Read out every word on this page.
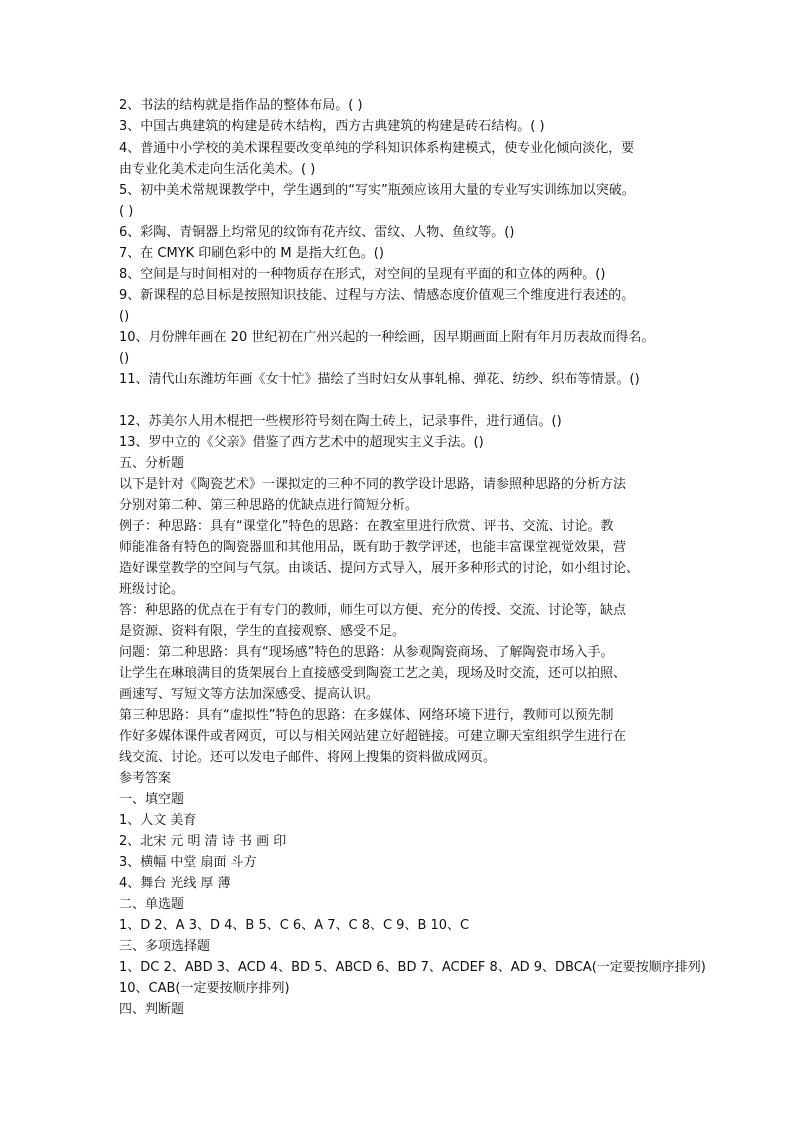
2、书法的结构就是指作品的整体布局。( )
3、中国古典建筑的构建是砖木结构，西方古典建筑的构建是砖石结构。( )
4、普通中小学校的美术课程要改变单纯的学科知识体系构建模式，使专业化倾向淡化，要
由专业化美术走向生活化美术。( )
5、初中美术常规课教学中，学生遇到的“写实”瓶颈应该用大量的专业写实训练加以突破。
( )
6、彩陶、青铜器上均常见的纹饰有花卉纹、雷纹、人物、鱼纹等。()
7、在 CMYK 印刷色彩中的 M 是指大红色。()
8、空间是与时间相对的一种物质存在形式，对空间的呈现有平面的和立体的两种。()
9、新课程的总目标是按照知识技能、过程与方法、情感态度价值观三个维度进行表述的。
()
10、月份牌年画在 20 世纪初在广州兴起的一种绘画，因早期画面上附有年月历表故而得名。
()
11、清代山东潍坊年画《女十忙》描绘了当时妇女从事轧棉、弹花、纺纱、织布等情景。()
12、苏美尔人用木棍把一些楔形符号刻在陶土砖上，记录事件，进行通信。()
13、罗中立的《父亲》借鉴了西方艺术中的超现实主义手法。()
五、分析题
以下是针对《陶瓷艺术》一课拟定的三种不同的教学设计思路，请参照种思路的分析方法
分别对第二种、第三种思路的优缺点进行简短分析。
例子：种思路：具有“课堂化”特色的思路：在教室里进行欣赏、评书、交流、讨论。教
师能准备有特色的陶瓷器皿和其他用品，既有助于教学评述，也能丰富课堂视觉效果，营
造好课堂教学的空间与气氛。由谈话、提问方式导入，展开多种形式的讨论，如小组讨论、
班级讨论。
答：种思路的优点在于有专门的教师，师生可以方便、充分的传授、交流、讨论等，缺点
是资源、资料有限，学生的直接观察、感受不足。
问题：第二种思路：具有“现场感”特色的思路：从参观陶瓷商场、了解陶瓷市场入手。
让学生在琳琅满目的货架展台上直接感受到陶瓷工艺之美，现场及时交流，还可以拍照、
画速写、写短文等方法加深感受、提高认识。
第三种思路：具有“虚拟性”特色的思路：在多媒体、网络环境下进行，教师可以预先制
作好多媒体课件或者网页，可以与相关网站建立好超链接。可建立聊天室组织学生进行在
线交流、讨论。还可以发电子邮件、将网上搜集的资料做成网页。
参考答案
一、填空题
1、人文 美育
2、北宋 元 明 清 诗 书 画 印
3、横幅 中堂 扇面 斗方
4、舞台 光线 厚 薄
二、单选题
1、D 2、A 3、D 4、B 5、C 6、A 7、C 8、C 9、B 10、C
三、多项选择题
1、DC 2、ABD 3、ACD 4、BD 5、ABCD 6、BD 7、ACDEF 8、AD 9、DBCA(一定要按顺序排列)
10、CAB(一定要按顺序排列)
四、判断题
